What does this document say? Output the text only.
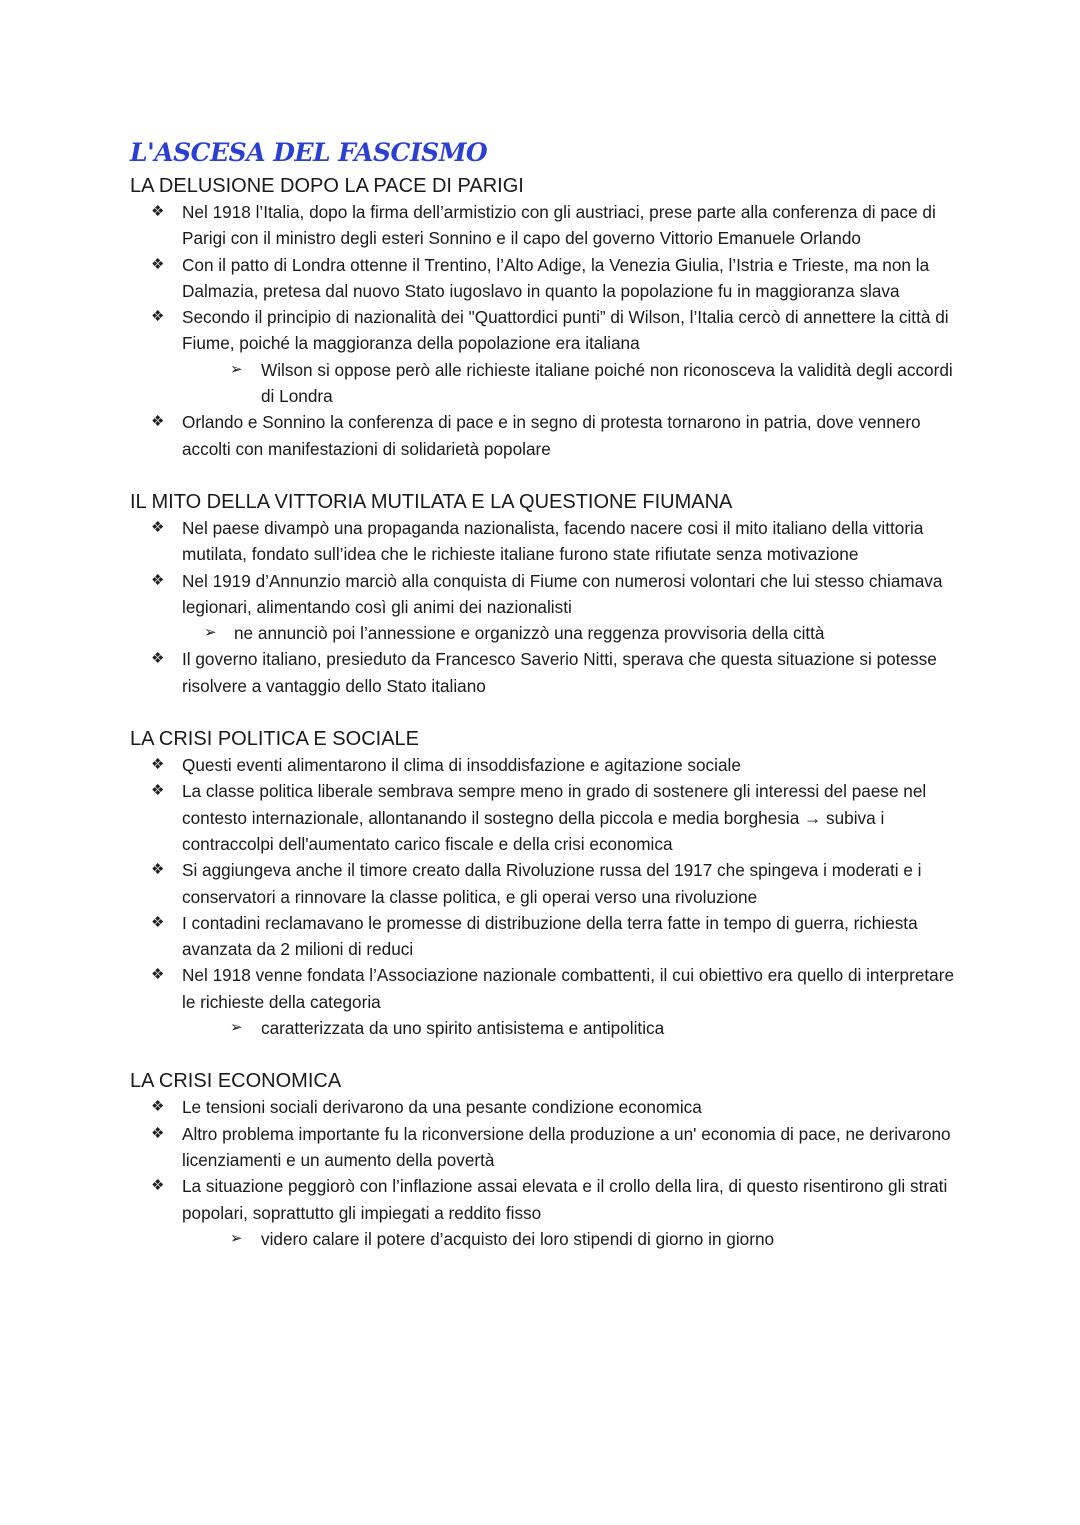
L'ASCESA DEL FASCISMO
LA DELUSIONE DOPO LA PACE DI PARIGI
❖ Nel 1918 l’Italia, dopo la firma dell’armistizio con gli austriaci, prese parte alla conferenza di pace di Parigi con il ministro degli esteri Sonnino e il capo del governo Vittorio Emanuele Orlando
❖ Con il patto di Londra ottenne il Trentino, l’Alto Adige, la Venezia Giulia, l’Istria e Trieste, ma non la Dalmazia, pretesa dal nuovo Stato iugoslavo in quanto la popolazione fu in maggioranza slava
❖ Secondo il principio di nazionalità dei "Quattordici punti” di Wilson, l’Italia cercò di annettere la città di Fiume, poiché la maggioranza della popolazione era italiana
➢ Wilson si oppose però alle richieste italiane poiché non riconosceva la validità degli accordi di Londra
❖ Orlando e Sonnino la conferenza di pace e in segno di protesta tornarono in patria, dove vennero accolti con manifestazioni di solidarietà popolare
IL MITO DELLA VITTORIA MUTILATA E LA QUESTIONE FIUMANA
❖ Nel paese divampò una propaganda nazionalista, facendo nacere cosi il mito italiano della vittoria mutilata, fondato sull’idea che le richieste italiane furono state rifiutate senza motivazione
❖ Nel 1919 d’Annunzio marciò alla conquista di Fiume con numerosi volontari che lui stesso chiamava legionari, alimentando così gli animi dei nazionalisti
➢ ne annunciò poi l’annessione e organizzò una reggenza provvisoria della città
❖ Il governo italiano, presieduto da Francesco Saverio Nitti, sperava che questa situazione si potesse risolvere a vantaggio dello Stato italiano
LA CRISI POLITICA E SOCIALE
❖ Questi eventi alimentarono il clima di insoddisfazione e agitazione sociale
❖ La classe politica liberale sembrava sempre meno in grado di sostenere gli interessi del paese nel contesto internazionale, allontanando il sostegno della piccola e media borghesia → subiva i contraccolpi dell'aumentato carico fiscale e della crisi economica
❖ Si aggiungeva anche il timore creato dalla Rivoluzione russa del 1917 che spingeva i moderati e i conservatori a rinnovare la classe politica, e gli operai verso una rivoluzione
❖ I contadini reclamavano le promesse di distribuzione della terra fatte in tempo di guerra, richiesta avanzata da 2 milioni di reduci
❖ Nel 1918 venne fondata l’Associazione nazionale combattenti, il cui obiettivo era quello di interpretare le richieste della categoria
➢ caratterizzata da uno spirito antisistema e antipolitica
LA CRISI ECONOMICA
❖ Le tensioni sociali derivarono da una pesante condizione economica
❖ Altro problema importante fu la riconversione della produzione a un' economia di pace, ne derivarono licenziamenti e un aumento della povertà
❖ La situazione peggiorò con l’inflazione assai elevata e il crollo della lira, di questo risentirono gli strati popolari, soprattutto gli impiegati a reddito fisso
➢ videro calare il potere d’acquisto dei loro stipendi di giorno in giorno
